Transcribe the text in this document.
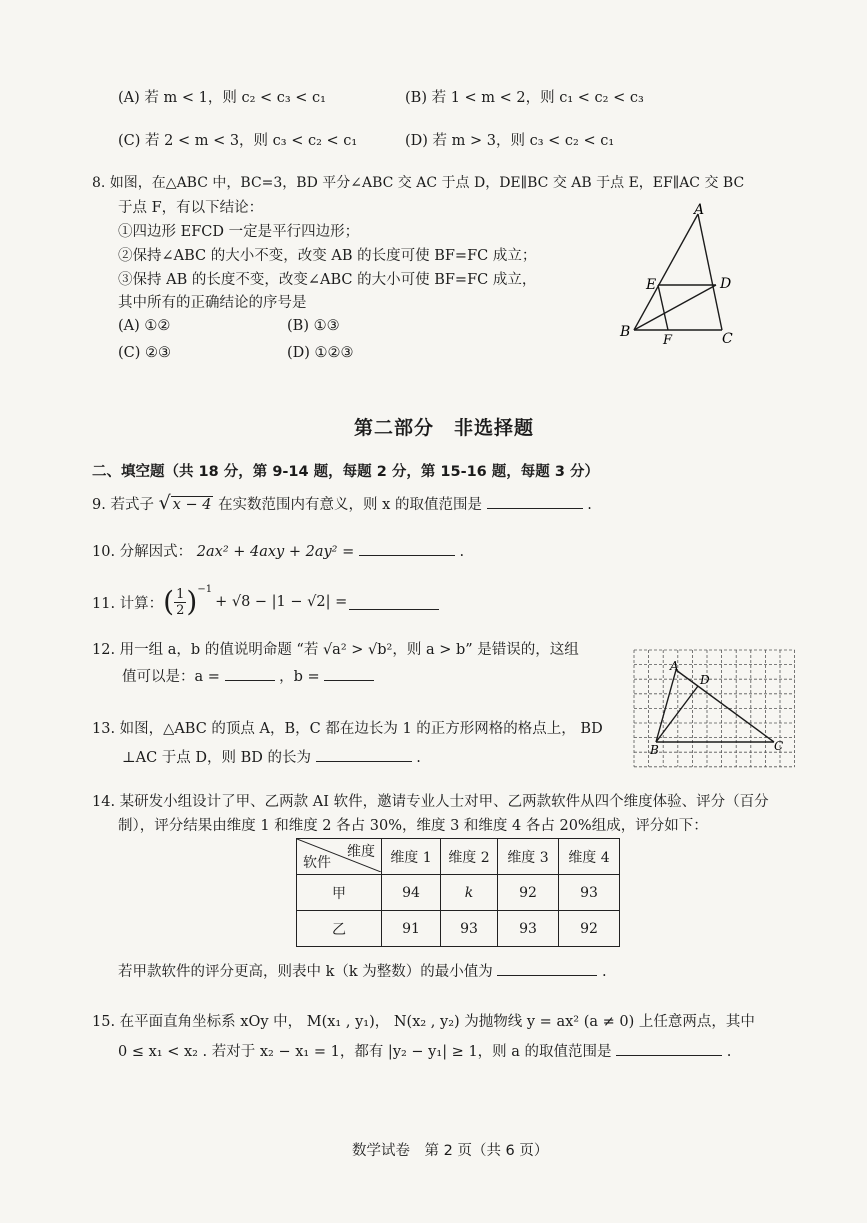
(A) 若 m < 1，则 c₂ < c₃ < c₁	(B) 若 1 < m < 2，则 c₁ < c₂ < c₃
(C) 若 2 < m < 3，则 c₃ < c₂ < c₁	(D) 若 m > 3，则 c₃ < c₂ < c₁
8. 如图，在△ABC 中，BC=3，BD 平分∠ABC 交 AC 于点 D，DE∥BC 交 AB 于点 E，EF∥AC 交 BC
于点 F，有以下结论：
①四边形 EFCD 一定是平行四边形；
②保持∠ABC 的大小不变，改变 AB 的长度可使 BF=FC 成立；
③保持 AB 的长度不变，改变∠ABC 的大小可使 BF=FC 成立，
其中所有的正确结论的序号是
(A) ①②	(B) ①③
(C) ②③	(D) ①②③
A
E	D
B
F	C
第二部分　非选择题
二、填空题（共 18 分，第 9-14 题，每题 2 分，第 15-16 题，每题 3 分）
9. 若式子 √ x − 4 在实数范围内有意义，则 x 的取值范围是	.
10. 分解因式： 2ax² + 4axy + 2ay² =	.
11. 计算： ( $\frac{1}{2} )^{-1}$
+ √8 − |1 − √2| =
12. 用一组 a，b 的值说明命题 “若 √a² > √b²，则 a > b” 是错误的，这组
值可以是：a =	，b =
13. 如图，△ABC 的顶点 A，B，C 都在边长为 1 的正方形网格的格点上， BD
⊥AC 于点 D，则 BD 的长为	.
A
D
B	C
14. 某研发小组设计了甲、乙两款 AI 软件，邀请专业人士对甲、乙两款软件从四个维度体验、评分（百分
制），评分结果由维度 1 和维度 2 各占 30%，维度 3 和维度 4 各占 20%组成，评分如下：
维度
软件	维度 1	维度 2	维度 3	维度 4
甲	94	k	92	93
乙	91	93	93	92
若甲款软件的评分更高，则表中 k（k 为整数）的最小值为	.
15. 在平面直角坐标系 xOy 中， M(x₁ , y₁)， N(x₂ , y₂) 为抛物线 y = ax² (a ≠ 0) 上任意两点，其中
0 ≤ x₁ < x₂ . 若对于 x₂ − x₁ = 1，都有 |y₂ − y₁| ≥ 1，则 a 的取值范围是	.
数学试卷　第 2 页（共 6 页）
